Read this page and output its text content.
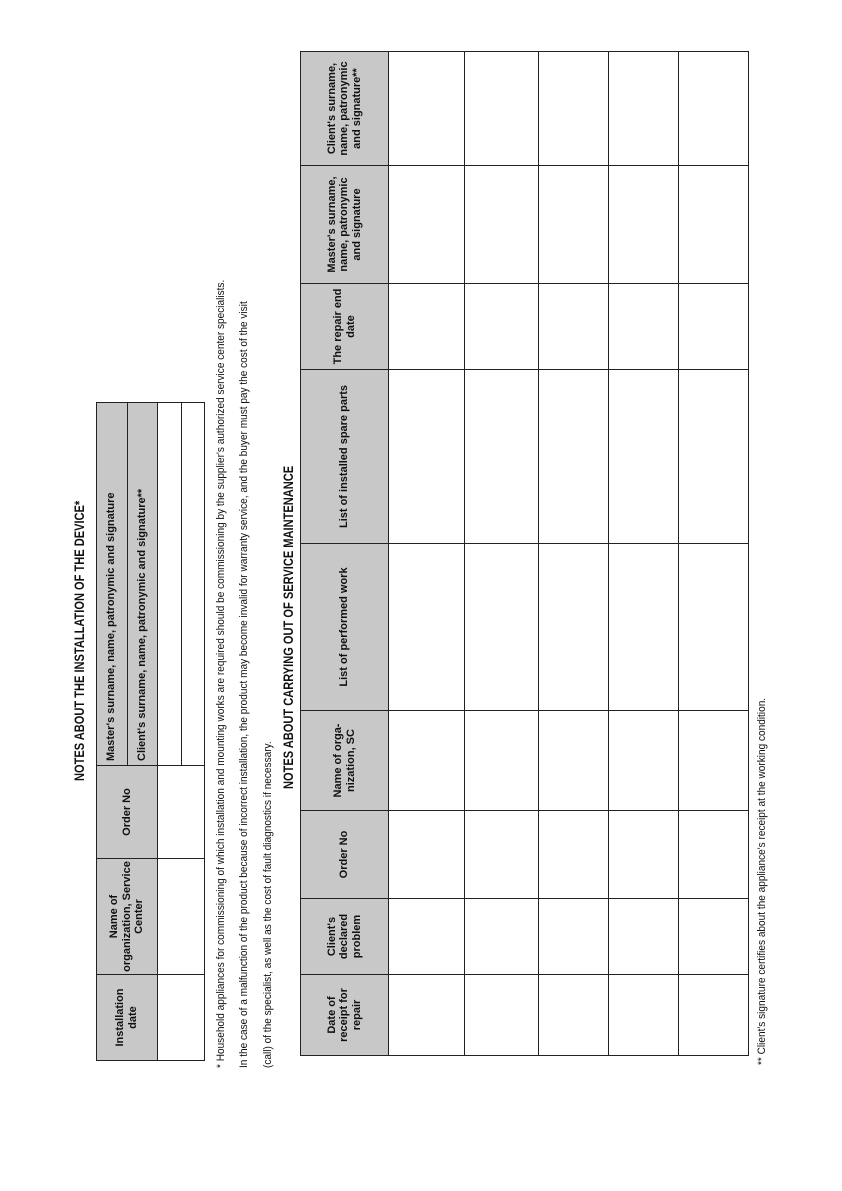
NOTES ABOUT THE INSTALLATION OF THE DEVICE*
Installation date	Name of organization, Service Center	Order No	Master's surname, name, patronymic and signature
			Client's surname, name, patronymic and signature**
				* Household appliances for commissioning of which installation and mounting works are required should be commissioning by the supplier's authorized service center specialists. In the case of a malfunction of the product because of incorrect installation, the product may become invalid for warranty service, and the buyer must pay the cost of the visit (call) of the specialist, as well as the cost of fault diagnostics if necessary.
NOTES ABOUT CARRYING OUT OF SERVICE MAINTENANCE
Date of receipt for repair	Client's declared problem	Order No	Name of orga-nization, SC	List of performed work	List of installed spare parts	The repair end date	Master's surname, name, patronymic and signature	Client's surname, name, patronymic and signature**

** Client's signature certifies about the appliance's receipt at the working condition.
